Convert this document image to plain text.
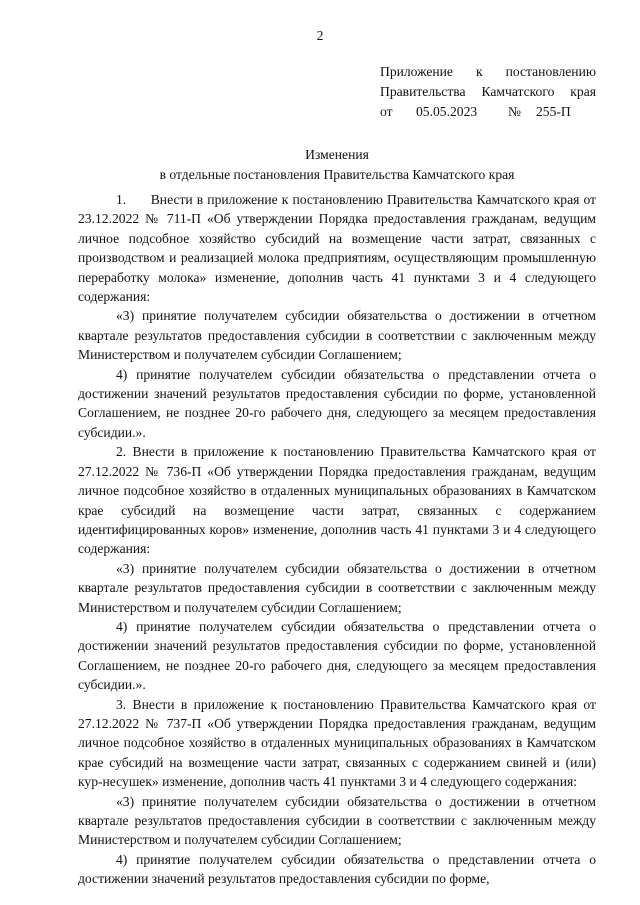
2
Приложение к постановлению
Правительства Камчатского края
от 05.05.2023 № 255-П
Изменения
в отдельные постановления Правительства Камчатского края

1.      Внести в приложение к постановлению Правительства Камчатского края от 23.12.2022 № 711-П «Об утверждении Порядка предоставления гражданам, ведущим личное подсобное хозяйство субсидий на возмещение части затрат, связанных с производством и реализацией молока предприятиям, осуществляющим промышленную переработку молока» изменение, дополнив часть 41 пунктами 3 и 4 следующего содержания:

«3) принятие получателем субсидии обязательства о достижении в отчетном квартале результатов предоставления субсидии в соответствии с заключенным между Министерством и получателем субсидии Соглашением;

4) принятие получателем субсидии обязательства о представлении отчета о достижении значений результатов предоставления субсидии по форме, установленной Соглашением, не позднее 20-го рабочего дня, следующего за месяцем предоставления субсидии.».

2. Внести в приложение к постановлению Правительства Камчатского края от 27.12.2022 № 736-П «Об утверждении Порядка предоставления гражданам, ведущим личное подсобное хозяйство в отдаленных муниципальных образованиях в Камчатском крае субсидий на возмещение части затрат, связанных с содержанием идентифицированных коров» изменение, дополнив часть 41 пунктами 3 и 4 следующего содержания:

«3) принятие получателем субсидии обязательства о достижении в отчетном квартале результатов предоставления субсидии в соответствии с заключенным между Министерством и получателем субсидии Соглашением;

4) принятие получателем субсидии обязательства о представлении отчета о достижении значений результатов предоставления субсидии по форме, установленной Соглашением, не позднее 20-го рабочего дня, следующего за месяцем предоставления субсидии.».

3. Внести в приложение к постановлению Правительства Камчатского края от 27.12.2022 № 737-П «Об утверждении Порядка предоставления гражданам, ведущим личное подсобное хозяйство в отдаленных муниципальных образованиях в Камчатском крае субсидий на возмещение части затрат, связанных с содержанием свиней и (или) кур-несушек» изменение, дополнив часть 41 пунктами 3 и 4 следующего содержания:

«3) принятие получателем субсидии обязательства о достижении в отчетном квартале результатов предоставления субсидии в соответствии с заключенным между Министерством и получателем субсидии Соглашением;

4) принятие получателем субсидии обязательства о представлении отчета о достижении значений результатов предоставления субсидии по форме,
